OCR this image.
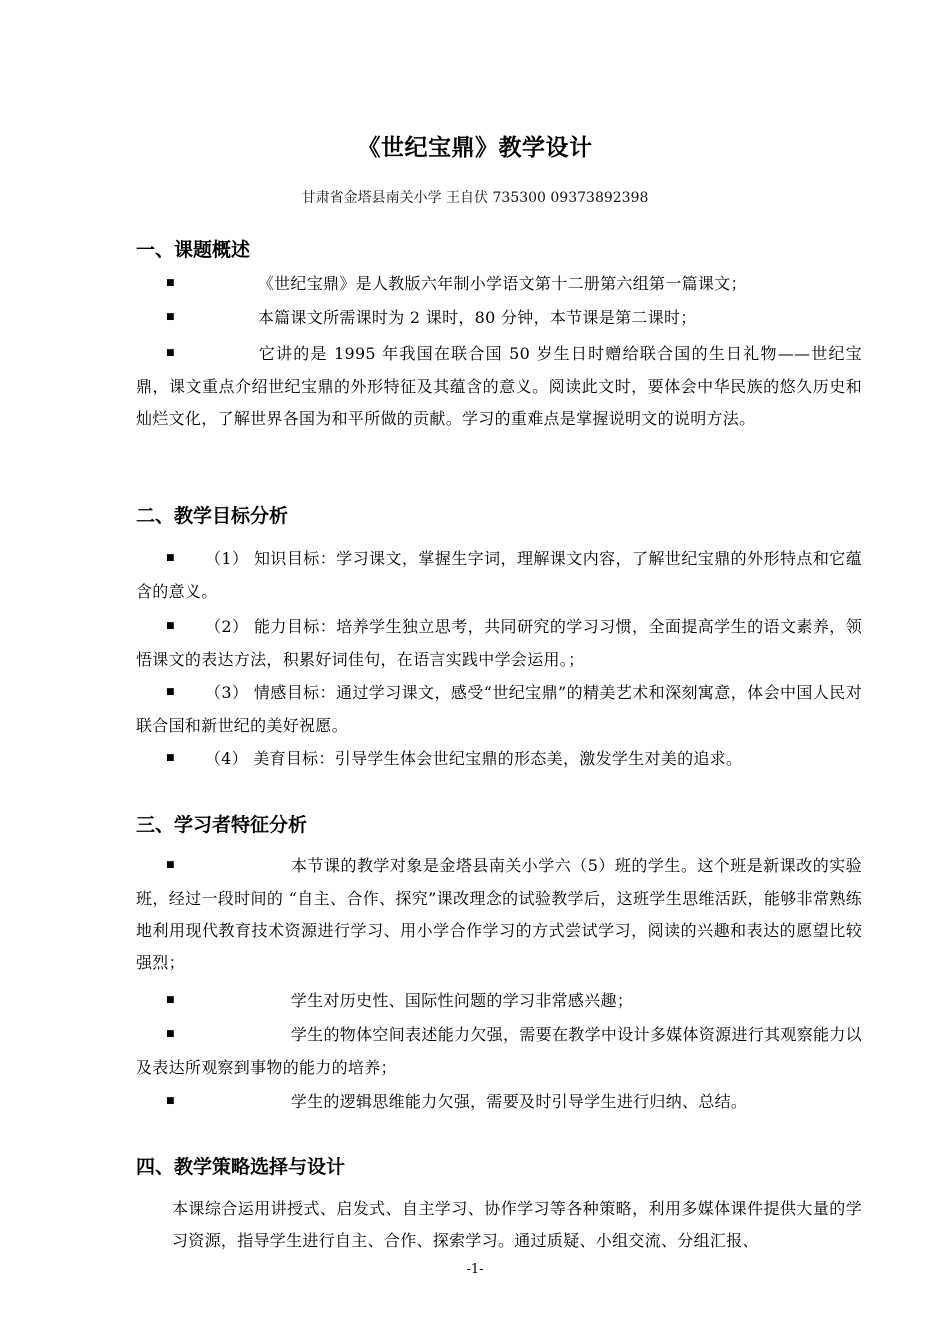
《世纪宝鼎》教学设计
甘肃省金塔县南关小学 王自伏 735300 09373892398
一、课题概述
■	《世纪宝鼎》是人教版六年制小学语文第十二册第六组第一篇课文；
■	本篇课文所需课时为 2 课时，80 分钟，本节课是第二课时；
■	它讲的是 1995 年我国在联合国 50 岁生日时赠给联合国的生日礼物——世纪宝鼎，课文重点介绍世纪宝鼎的外形特征及其蕴含的意义。阅读此文时，要体会中华民族的悠久历史和灿烂文化，了解世界各国为和平所做的贡献。学习的重难点是掌握说明文的说明方法。
二、教学目标分析
■ （1） 知识目标：学习课文，掌握生字词，理解课文内容，了解世纪宝鼎的外形特点和它蕴含的意义。
■ （2） 能力目标：培养学生独立思考，共同研究的学习习惯，全面提高学生的语文素养，领悟课文的表达方法，积累好词佳句，在语言实践中学会运用。；
■ （3） 情感目标：通过学习课文，感受“世纪宝鼎”的精美艺术和深刻寓意，体会中国人民对联合国和新世纪的美好祝愿。
■ （4） 美育目标：引导学生体会世纪宝鼎的形态美，激发学生对美的追求。
三、学习者特征分析
■	本节课的教学对象是金塔县南关小学六（5）班的学生。这个班是新课改的实验班，经过一段时间的 “自主、合作、探究”课改理念的试验教学后，这班学生思维活跃，能够非常熟练地利用现代教育技术资源进行学习、用小学合作学习的方式尝试学习，阅读的兴趣和表达的愿望比较强烈；
■	学生对历史性、国际性问题的学习非常感兴趣；
■	学生的物体空间表述能力欠强，需要在教学中设计多媒体资源进行其观察能力以及表达所观察到事物的能力的培养；
■	学生的逻辑思维能力欠强，需要及时引导学生进行归纳、总结。
四、教学策略选择与设计
本课综合运用讲授式、启发式、自主学习、协作学习等各种策略，利用多媒体课件提供大量的学习资源，指导学生进行自主、合作、探索学习。通过质疑、小组交流、分组汇报、
-1-
